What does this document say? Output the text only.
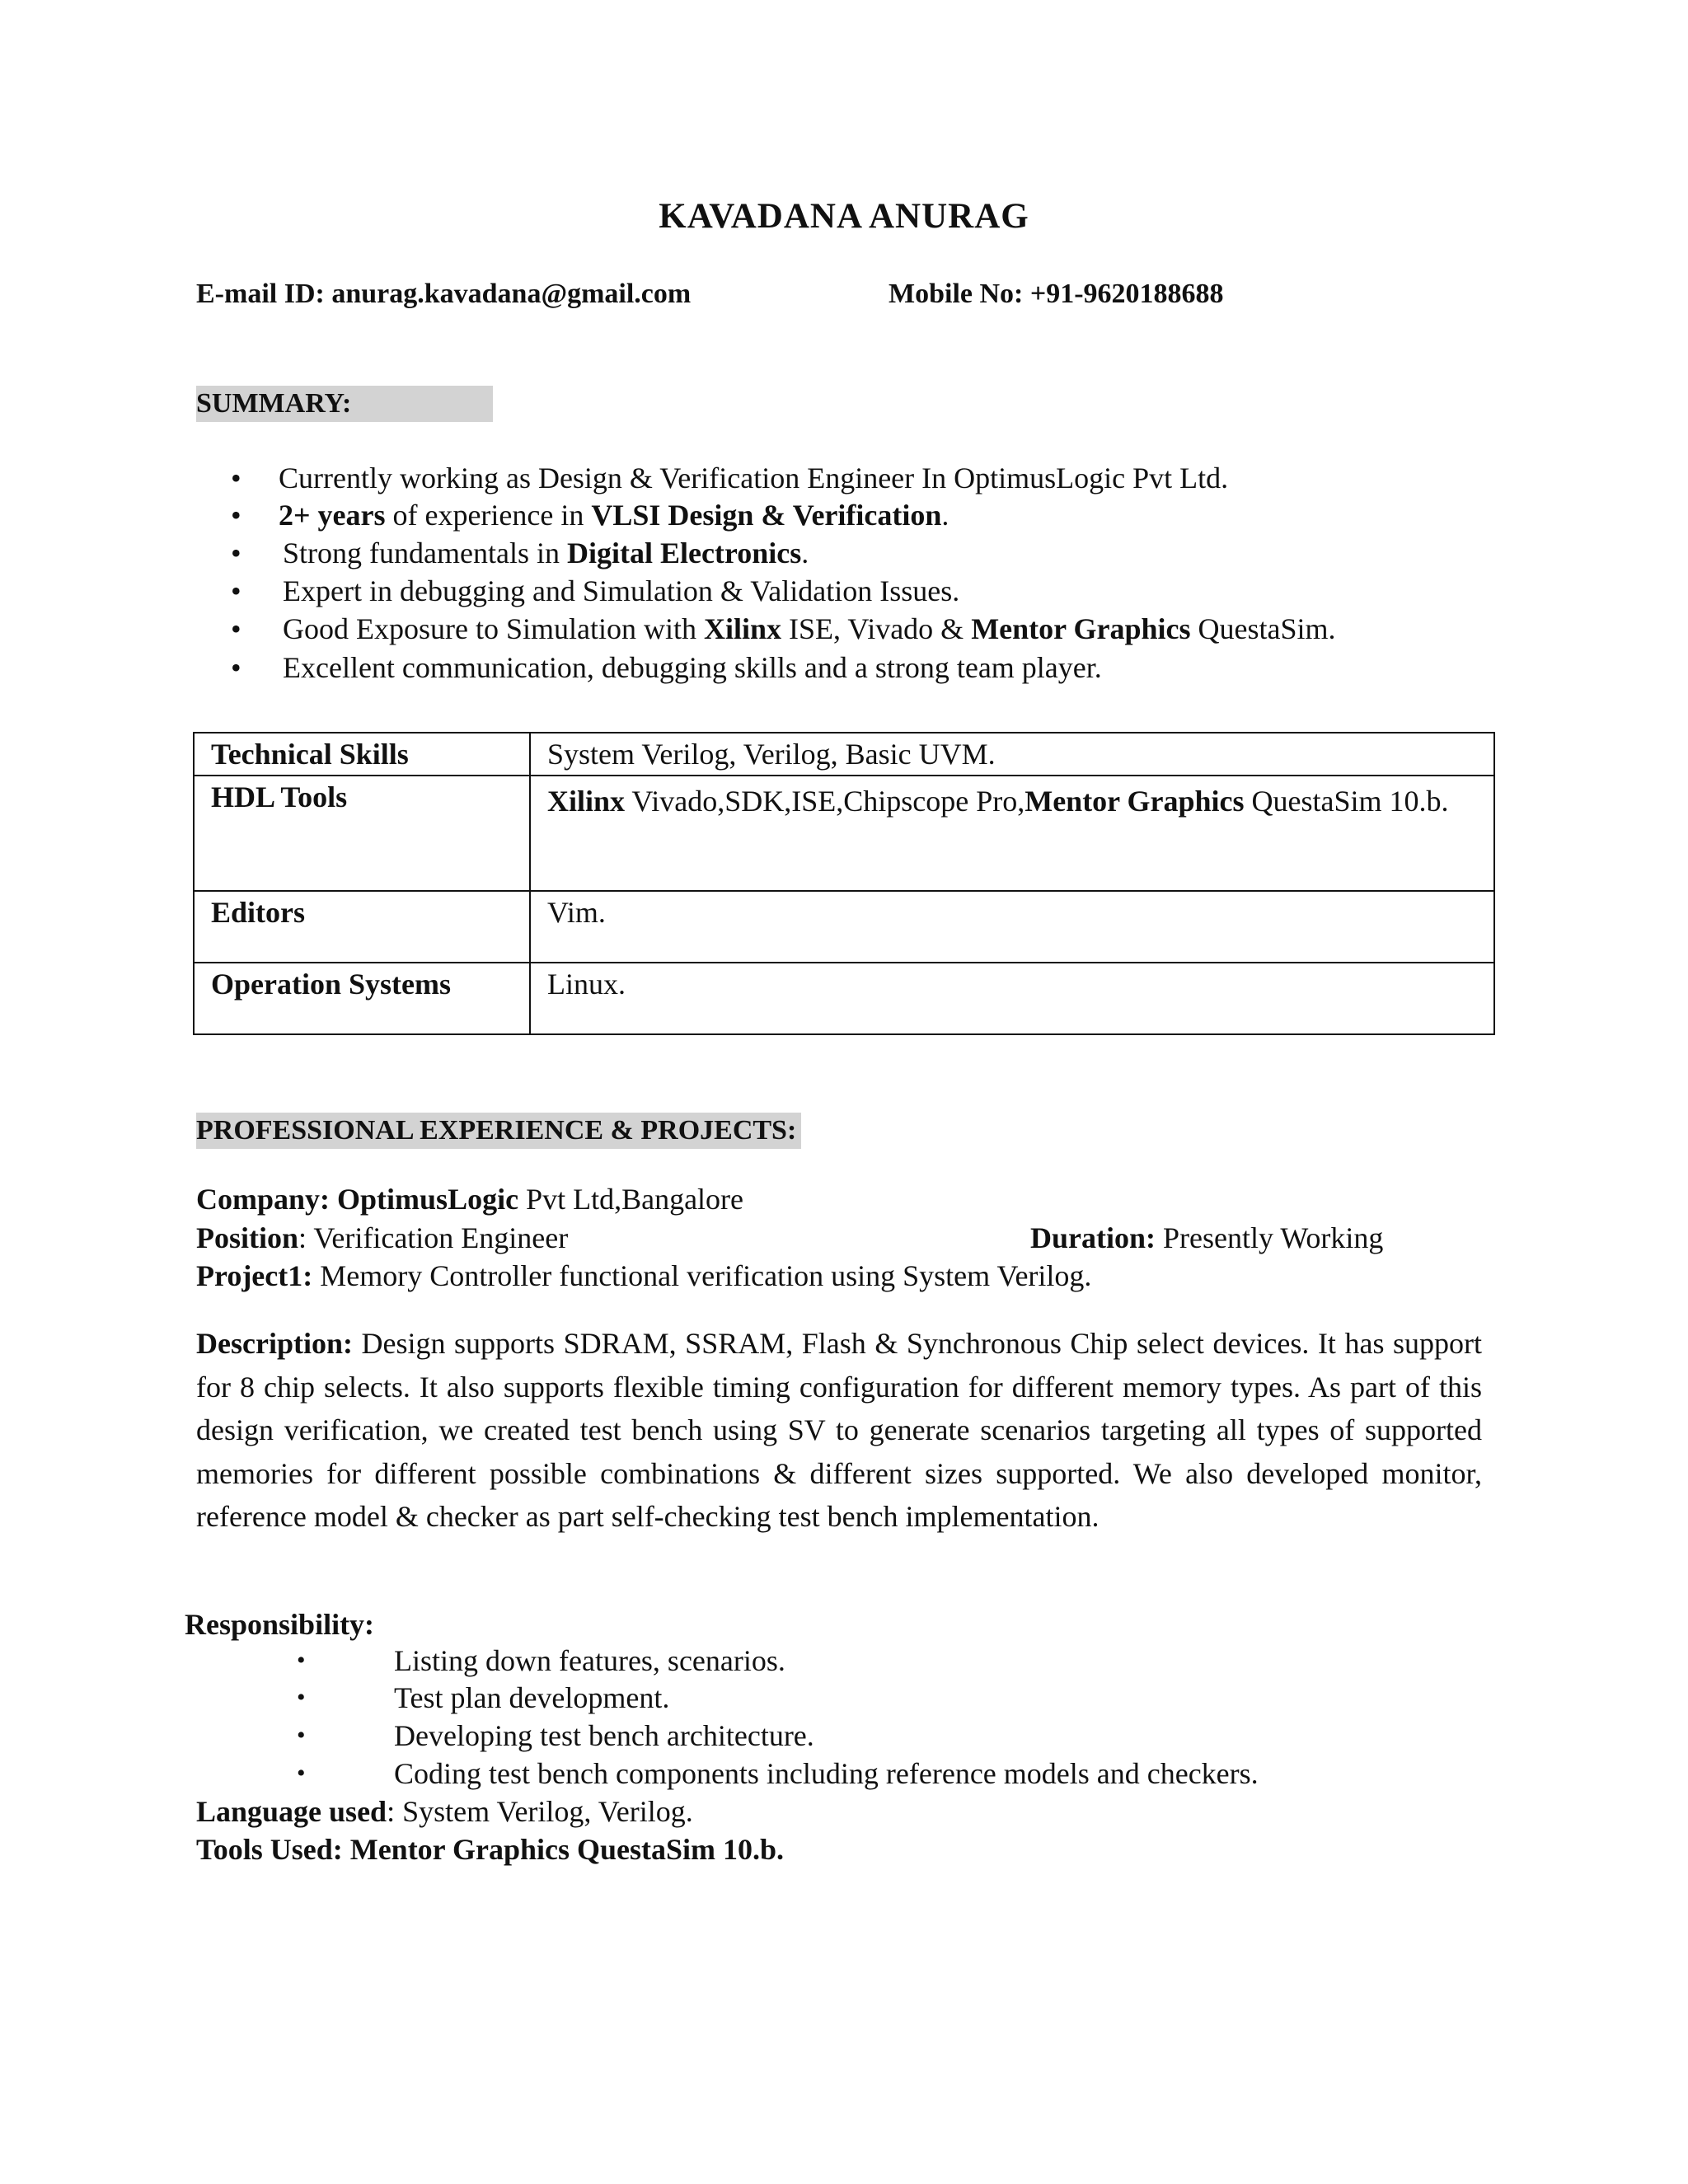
KAVADANA ANURAG
E-mail ID: anurag.kavadana@gmail.com	Mobile No: +91-9620188688
SUMMARY:
• Currently working as Design & Verification Engineer In OptimusLogic Pvt Ltd.
• 2+ years of experience in VLSI Design & Verification.
• Strong fundamentals in Digital Electronics.
• Expert in debugging and Simulation & Validation Issues.
• Good Exposure to Simulation with Xilinx ISE, Vivado & Mentor Graphics QuestaSim.
• Excellent communication, debugging skills and a strong team player.
Technical Skills	System Verilog, Verilog, Basic UVM.
HDL Tools	Xilinx Vivado,SDK,ISE,Chipscope Pro,Mentor Graphics QuestaSim 10.b.
Editors	Vim.
Operation Systems	Linux.
PROFESSIONAL EXPERIENCE & PROJECTS:
Company: OptimusLogic Pvt Ltd,Bangalore
Position: Verification Engineer	Duration: Presently Working
Project1: Memory Controller functional verification using System Verilog.
Description: Design supports SDRAM, SSRAM, Flash & Synchronous Chip select devices. It has support for 8 chip selects. It also supports flexible timing configuration for different memory types. As part of this design verification, we created test bench using SV to generate scenarios targeting all types of supported memories for different possible combinations & different sizes supported. We also developed monitor, reference model & checker as part self-checking test bench implementation.
Responsibility:
•	Listing down features, scenarios.
•	Test plan development.
•	Developing test bench architecture.
•	Coding test bench components including reference models and checkers.
Language used: System Verilog, Verilog.
Tools Used: Mentor Graphics QuestaSim 10.b.
